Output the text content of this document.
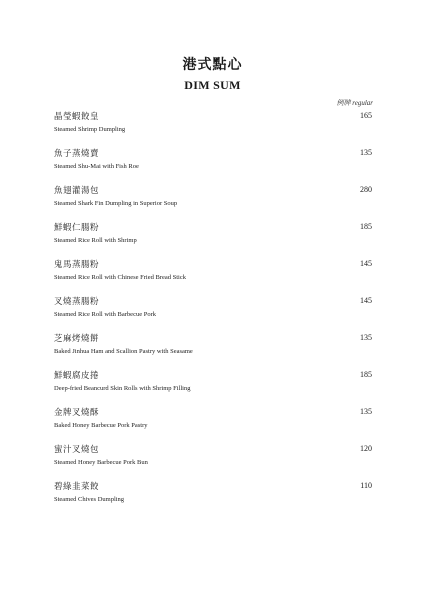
港式點心
DIM SUM
例牌 regular
晶瑩蝦餃皇
Steamed Shrimp Dumpling
165
魚子蒸燒賣
Steamed Shu-Mai with Fish Roe
135
魚翅灌湯包
Steamed Shark Fin Dumpling in Superior Soup
280
鮮蝦仁腸粉
Steamed Rice Roll with Shrimp
185
鬼馬蒸腸粉
Steamed Rice Roll with Chinese Fried Bread Stick
145
叉燒蒸腸粉
Steamed Rice Roll with Barbecue Pork
145
芝麻烤燒餅
Baked Jinhua Ham and Scallion Pastry with Seasame
135
鮮蝦腐皮捲
Deep-fried Beancurd Skin Rolls with Shrimp Filling
185
金牌叉燒酥
Baked Honey Barbecue Pork Pastry
135
蜜汁叉燒包
Steamed Honey Barbecue Pork Bun
120
碧綠韭菜餃
Steamed Chives Dumpling
110
